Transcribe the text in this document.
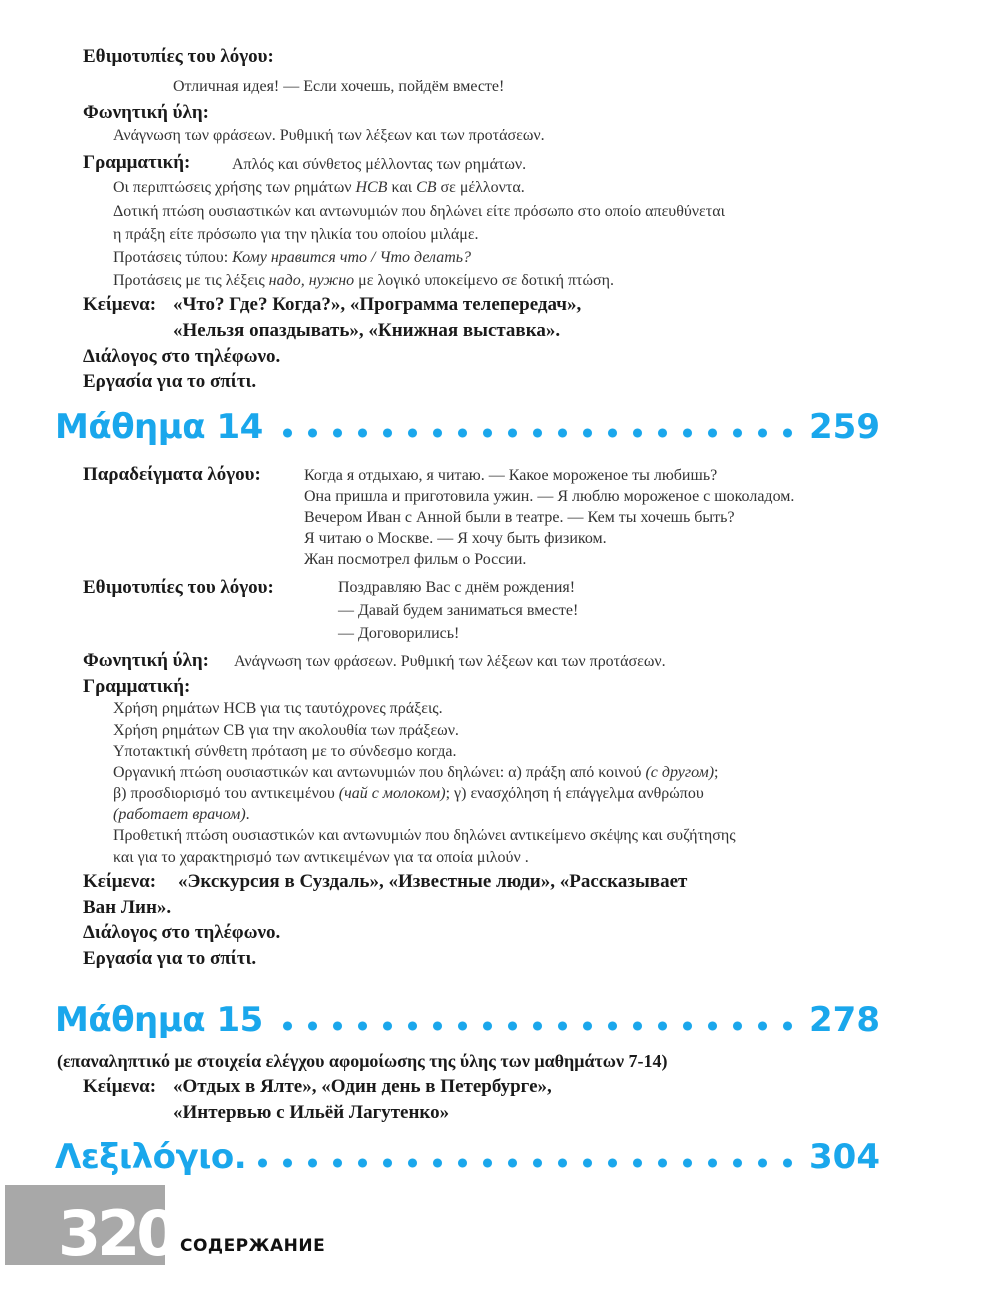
Εθιμοτυπίες του λόγου:
Отличная идея! — Если хочешь, пойдём вместе!
Φωνητική ύλη:
Ανάγνωση των φράσεων. Ρυθμική των λέξεων και των προτάσεων.
Γραμματική:	Απλός και σύνθετος μέλλοντας των ρημάτων.
Οι περιπτώσεις χρήσης των ρημάτων НСВ και СВ σε μέλλοντα.
Δοτική πτώση ουσιαστικών και αντωνυμιών που δηλώνει είτε πρόσωπο στο οποίο απευθύνεται
η πράξη είτε πρόσωπο για την ηλικία του οποίου μιλάμε.
Προτάσεις τύπου: Кому нравится что / Что делать?
Προτάσεις με τις λέξεις надо, нужно με λογικό υποκείμενο σε δοτική πτώση.
Κείμενα: «Что? Где? Когда?», «Программа телепередач»,
«Нельзя опаздывать», «Книжная выставка».
Διάλογος στο τηλέφωνο.
Εργασία για το σπίτι.
Μάθημα 14	259
Παραδείγματα λόγου:	Когда я отдыхаю, я читаю. — Какое мороженое ты любишь?
Она пришла и приготовила ужин. — Я люблю мороженое с шоколадом.
Вечером Иван с Анной были в театре. — Кем ты хочешь быть?
Я читаю о Москве. — Я хочу быть физиком.
Жан посмотрел фильм о России.
Εθιμοτυπίες του λόγου:	Поздравляю Вас с днём рождения!
— Давай будем заниматься вместе!
— Договорились!
Φωνητική ύλη: Ανάγνωση των φράσεων. Ρυθμική των λέξεων και των προτάσεων.
Γραμματική:
Χρήση ρημάτων НСВ για τις ταυτόχρονες πράξεις.
Χρήση ρημάτων СВ για την ακολουθία των πράξεων.
Υποτακτική σύνθετη πρόταση με το σύνδεσμο когда.
Οργανική πτώση ουσιαστικών και αντωνυμιών που δηλώνει: α) πράξη από κοινού (с другом);
β) προσδιορισμό του αντικειμένου (чай с молоком); γ) ενασχόληση ή επάγγελμα ανθρώπου
(работает врачом).
Προθετική πτώση ουσιαστικών και αντωνυμιών που δηλώνει αντικείμενο σκέψης και συζήτησης
και για το χαρακτηρισμό των αντικειμένων για τα οποία μιλούν .
Κείμενα: «Экскурсия в Суздаль», «Известные люди», «Рассказывает
Ван Лин».
Διάλογος στο τηλέφωνο.
Εργασία για το σπίτι.
Μάθημα 15	278
(επαναληπτικό με στοιχεία ελέγχου αφομοίωσης της ύλης των μαθημάτων 7-14)
Κείμενα: «Отдых в Ялте», «Один день в Петербурге»,
«Интервью с Ильёй Лагутенко»
Λεξιλόγιο.	304
320 СОДЕРЖАНИЕ
